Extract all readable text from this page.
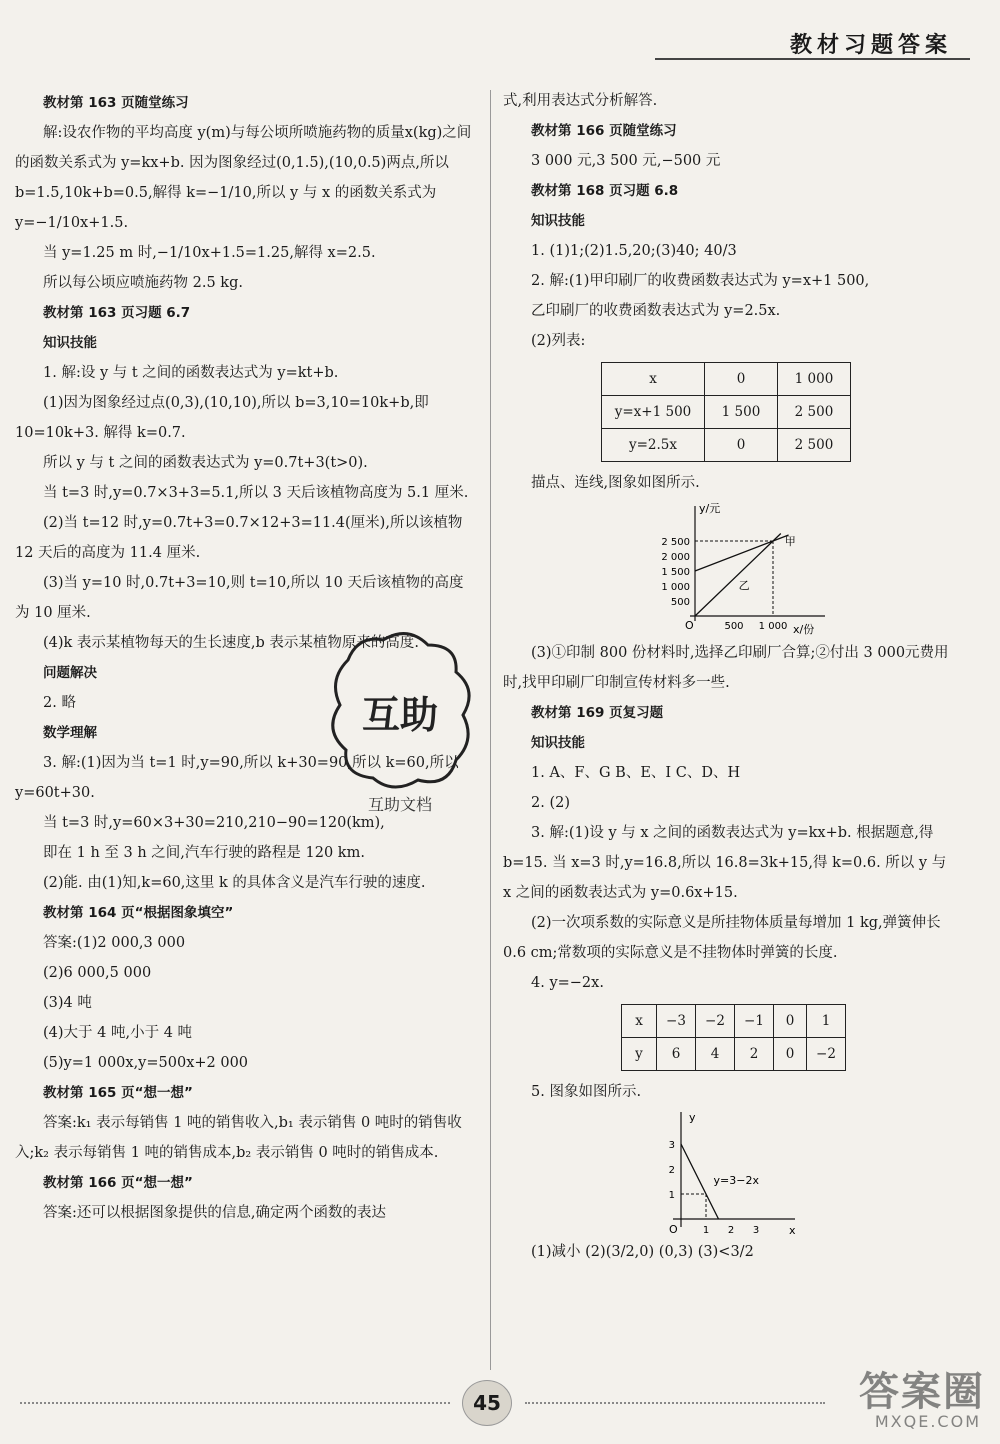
教材习题答案

教材第 163 页随堂练习

解:设农作物的平均高度 y(m)与每公顷所喷施药物的质量x(kg)之间的函数关系式为 y=kx+b. 因为图象经过(0,1.5),(10,0.5)两点,所以 b=1.5,10k+b=0.5,解得 k=−1/10,所以 y 与 x 的函数关系式为 y=−1/10x+1.5.

当 y=1.25 m 时,−1/10x+1.5=1.25,解得 x=2.5.

所以每公顷应喷施药物 2.5 kg.

教材第 163 页习题 6.7

知识技能

1. 解:设 y 与 t 之间的函数表达式为 y=kt+b.

(1)因为图象经过点(0,3),(10,10),所以 b=3,10=10k+b,即 10=10k+3. 解得 k=0.7.

所以 y 与 t 之间的函数表达式为 y=0.7t+3(t>0).

当 t=3 时,y=0.7×3+3=5.1,所以 3 天后该植物高度为 5.1 厘米.

(2)当 t=12 时,y=0.7t+3=0.7×12+3=11.4(厘米),所以该植物 12 天后的高度为 11.4 厘米.

(3)当 y=10 时,0.7t+3=10,则 t=10,所以 10 天后该植物的高度为 10 厘米.

(4)k 表示某植物每天的生长速度,b 表示某植物原来的高度.

问题解决

2. 略

数学理解

3. 解:(1)因为当 t=1 时,y=90,所以 k+30=90,所以 k=60,所以 y=60t+30.

当 t=3 时,y=60×3+30=210,210−90=120(km),

即在 1 h 至 3 h 之间,汽车行驶的路程是 120 km.

(2)能. 由(1)知,k=60,这里 k 的具体含义是汽车行驶的速度.

教材第 164 页“根据图象填空”

答案:(1)2 000,3 000

(2)6 000,5 000

(3)4 吨

(4)大于 4 吨,小于 4 吨

(5)y=1 000x,y=500x+2 000

教材第 165 页“想一想”

答案:k₁ 表示每销售 1 吨的销售收入,b₁ 表示销售 0 吨时的销售收入;k₂ 表示每销售 1 吨的销售成本,b₂ 表示销售 0 吨时的销售成本.

教材第 166 页“想一想”

答案:还可以根据图象提供的信息,确定两个函数的表达

式,利用表达式分析解答.

教材第 166 页随堂练习

3 000 元,3 500 元,−500 元

教材第 168 页习题 6.8

知识技能

1. (1)1;(2)1.5,20;(3)40; 40/3

2. 解:(1)甲印刷厂的收费函数表达式为 y=x+1 500,

乙印刷厂的收费函数表达式为 y=2.5x.

(2)列表:

x	0	1 000
y=x+1 500	1 500	2 500
y=2.5x	0	2 500

描点、连线,图象如图所示.

y/元
x/份
O
500
1 000
1 500
2 000
2 500
500 1 000
甲
乙

(3)①印制 800 份材料时,选择乙印刷厂合算;②付出 3 000元费用时,找甲印刷厂印制宣传材料多一些.

教材第 169 页复习题

知识技能

1. A、F、G B、E、I C、D、H

2. (2)

3. 解:(1)设 y 与 x 之间的函数表达式为 y=kx+b. 根据题意,得 b=15. 当 x=3 时,y=16.8,所以 16.8=3k+15,得 k=0.6. 所以 y 与 x 之间的函数表达式为 y=0.6x+15.

(2)一次项系数的实际意义是所挂物体质量每增加 1 kg,弹簧伸长 0.6 cm;常数项的实际意义是不挂物体时弹簧的长度.

4. y=−2x.

x	−3	−2	−1	0	1
y	6	4	2	0	−2

5. 图象如图所示.

y
x
O
1
2
3
1 2 3
y=3−2x

(1)减小 (2)(3/2,0) (0,3) (3)<3/2

互助
互助文档
45	答案圈
MXQE.COM
